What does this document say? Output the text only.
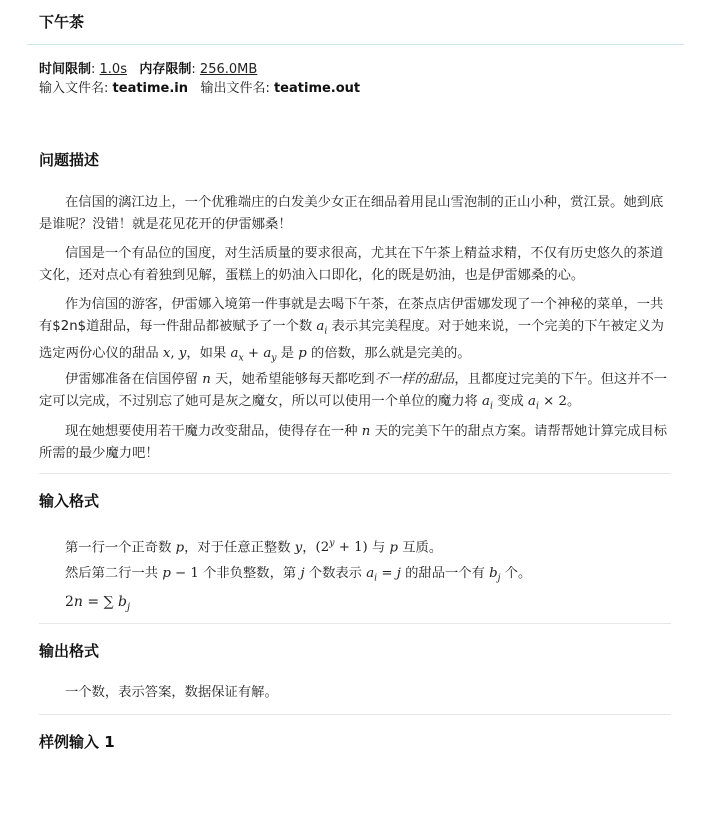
下午茶
时间限制: 1.0s 内存限制: 256.0MB
输入文件名: teatime.in 输出文件名: teatime.out
问题描述
在信国的漓江边上，一个优雅端庄的白发美少女正在细品着用昆山雪泡制的正山小种，赏江景。她到底是谁呢？没错！就是花见花开的伊雷娜桑！
信国是一个有品位的国度，对生活质量的要求很高，尤其在下午茶上精益求精，不仅有历史悠久的茶道文化，还对点心有着独到见解，蛋糕上的奶油入口即化，化的既是奶油，也是伊雷娜桑的心。
作为信国的游客，伊雷娜入境第一件事就是去喝下午茶，在茶点店伊雷娜发现了一个神秘的菜单，一共有$2n$道甜品，每一件甜品都被赋予了一个数 $a_i$ 表示其完美程度。对于她来说，一个完美的下午被定义为选定两份心仪的甜品 x, y，如果 $a_x + a_y$ 是 p 的倍数，那么就是完美的。
伊雷娜准备在信国停留 n 天，她希望能够每天都吃到不一样的甜品，且都度过完美的下午。但这并不一定可以完成，不过别忘了她可是灰之魔女，所以可以使用一个单位的魔力将 $a_i$ 变成 $a_i \times 2$。
现在她想要使用若干魔力改变甜品，使得存在一种 n 天的完美下午的甜点方案。请帮帮她计算完成目标所需的最少魔力吧！
输入格式
第一行一个正奇数 p，对于任意正整数 y，$(2^y + 1)$ 与 p 互质。
然后第二行一共 p − 1 个非负整数，第 j 个数表示 $a_i = j$ 的甜品一个有 $b_j$ 个。
2n = ∑ $b_j$
输出格式
一个数，表示答案，数据保证有解。
样例输入 1
